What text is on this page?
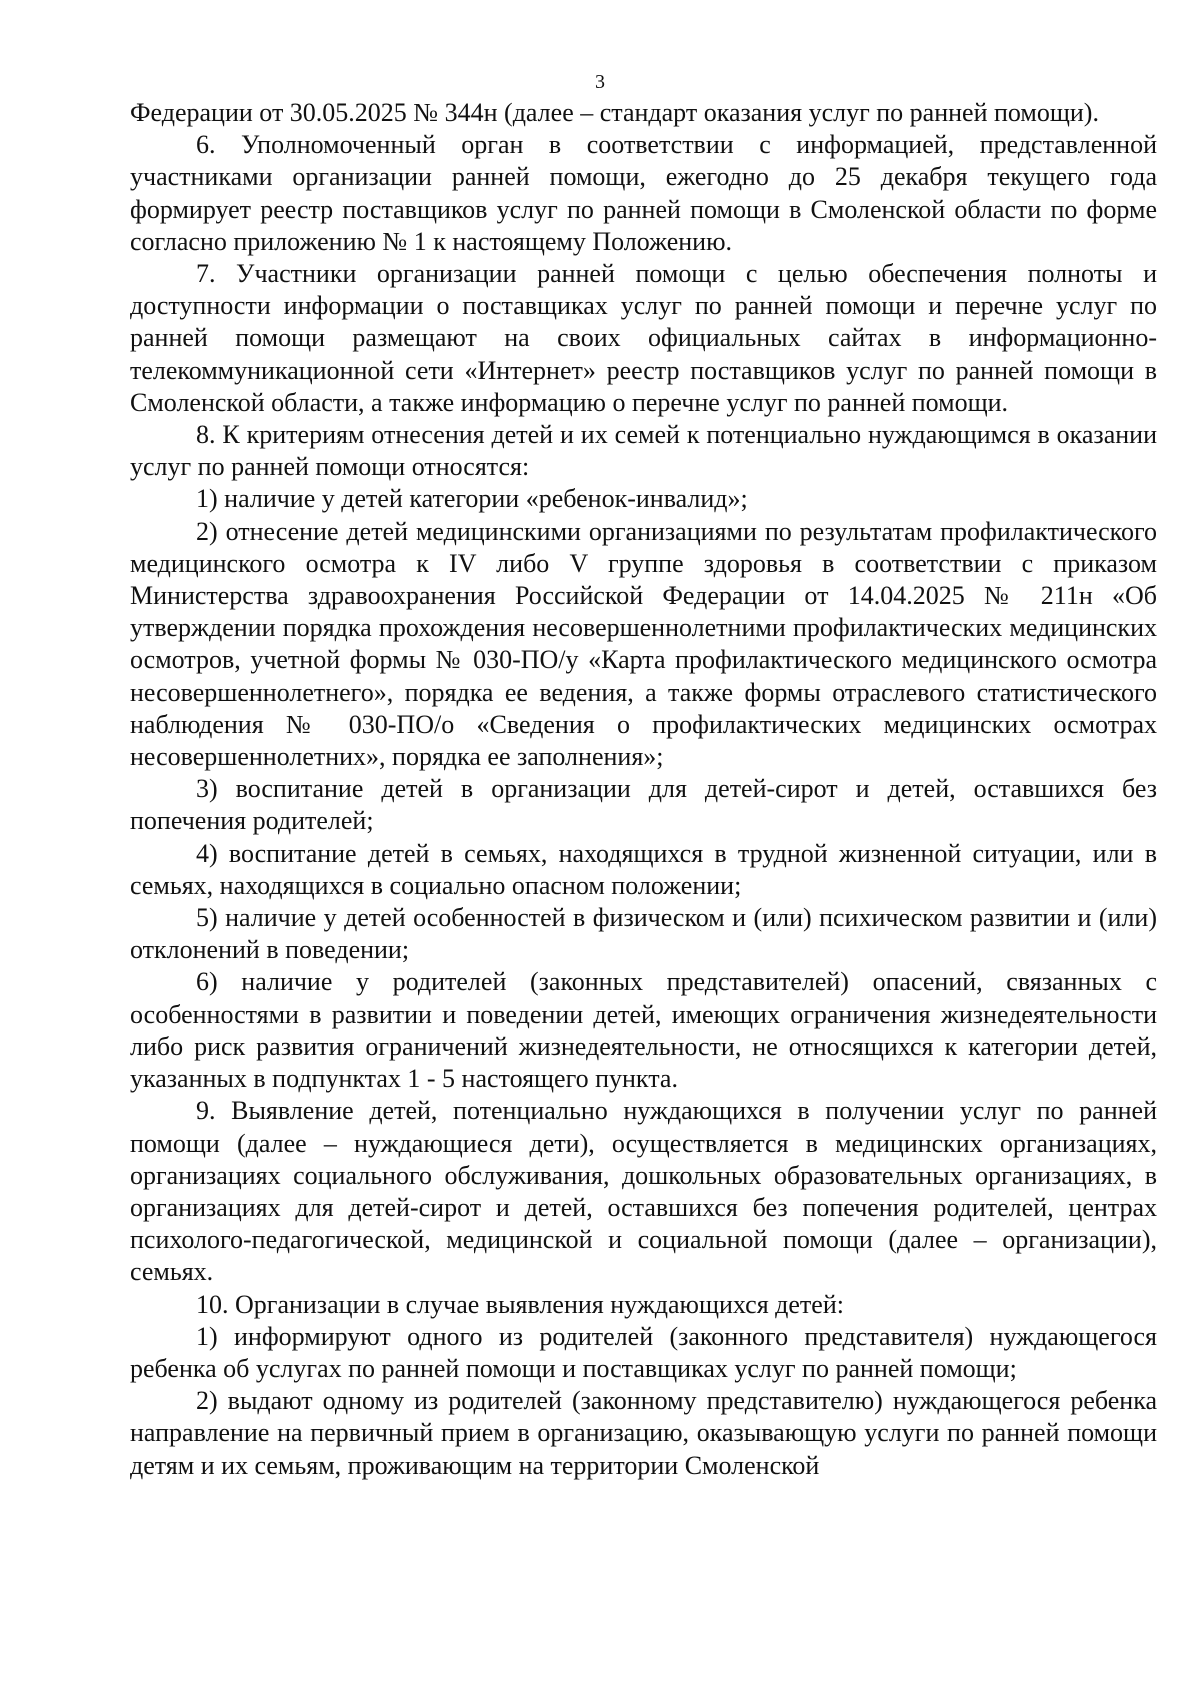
3

Федерации от 30.05.2025 № 344н (далее – стандарт оказания услуг по ранней помощи).

6. Уполномоченный орган в соответствии с информацией, представленной участниками организации ранней помощи, ежегодно до 25 декабря текущего года формирует реестр поставщиков услуг по ранней помощи в Смоленской области по форме согласно приложению № 1 к настоящему Положению.

7. Участники организации ранней помощи с целью обеспечения полноты и доступности информации о поставщиках услуг по ранней помощи и перечне услуг по ранней помощи размещают на своих официальных сайтах в информационно-телекоммуникационной сети «Интернет» реестр поставщиков услуг по ранней помощи в Смоленской области, а также информацию о перечне услуг по ранней помощи.

8. К критериям отнесения детей и их семей к потенциально нуждающимся в оказании услуг по ранней помощи относятся:

1) наличие у детей категории «ребенок-инвалид»;

2) отнесение детей медицинскими организациями по результатам профилактического медицинского осмотра к IV либо V группе здоровья в соответствии с приказом Министерства здравоохранения Российской Федерации от 14.04.2025 № 211н «Об утверждении порядка прохождения несовершеннолетними профилактических медицинских осмотров, учетной формы № 030-ПО/у «Карта профилактического медицинского осмотра несовершеннолетнего», порядка ее ведения, а также формы отраслевого статистического наблюдения № 030-ПО/о «Сведения о профилактических медицинских осмотрах несовершеннолетних», порядка ее заполнения»;

3) воспитание детей в организации для детей-сирот и детей, оставшихся без попечения родителей;

4) воспитание детей в семьях, находящихся в трудной жизненной ситуации, или в семьях, находящихся в социально опасном положении;

5) наличие у детей особенностей в физическом и (или) психическом развитии и (или) отклонений в поведении;

6) наличие у родителей (законных представителей) опасений, связанных с особенностями в развитии и поведении детей, имеющих ограничения жизнедеятельности либо риск развития ограничений жизнедеятельности, не относящихся к категории детей, указанных в подпунктах 1 - 5 настоящего пункта.

9. Выявление детей, потенциально нуждающихся в получении услуг по ранней помощи (далее – нуждающиеся дети), осуществляется в медицинских организациях, организациях социального обслуживания, дошкольных образовательных организациях, в организациях для детей-сирот и детей, оставшихся без попечения родителей, центрах психолого-педагогической, медицинской и социальной помощи (далее – организации), семьях.

10. Организации в случае выявления нуждающихся детей:

1) информируют одного из родителей (законного представителя) нуждающегося ребенка об услугах по ранней помощи и поставщиках услуг по ранней помощи;

2) выдают одному из родителей (законному представителю) нуждающегося ребенка направление на первичный прием в организацию, оказывающую услуги по ранней помощи детям и их семьям, проживающим на территории Смоленской
